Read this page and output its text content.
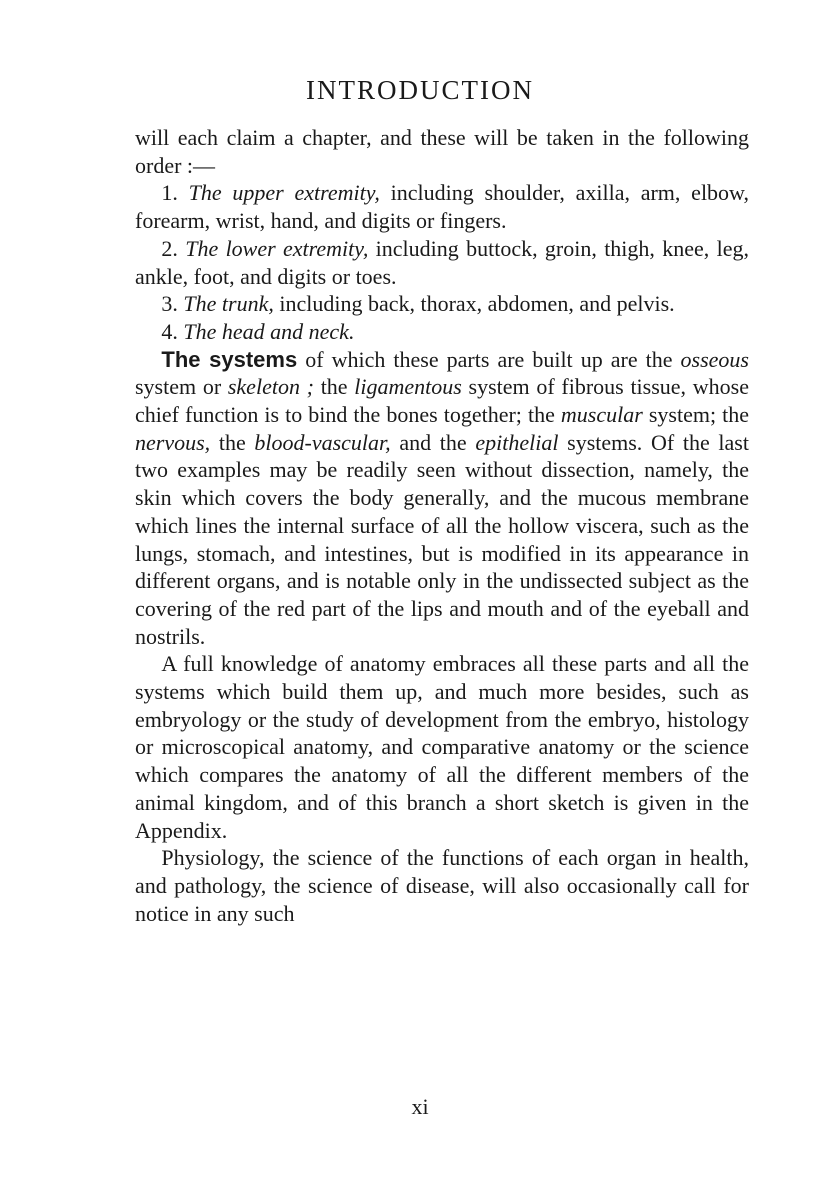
INTRODUCTION

will each claim a chapter, and these will be taken in the following order :—

1. The upper extremity, including shoulder, axilla, arm, elbow, forearm, wrist, hand, and digits or fingers.

2. The lower extremity, including buttock, groin, thigh, knee, leg, ankle, foot, and digits or toes.

3. The trunk, including back, thorax, abdomen, and pelvis.

4. The head and neck.

The systems of which these parts are built up are the osseous system or skeleton ; the ligamentous system of fibrous tissue, whose chief function is to bind the bones together; the muscular system; the nervous, the blood-vascular, and the epithelial systems. Of the last two examples may be readily seen without dissection, namely, the skin which covers the body generally, and the mucous membrane which lines the internal surface of all the hollow viscera, such as the lungs, stomach, and intestines, but is modified in its appearance in different organs, and is notable only in the undissected subject as the covering of the red part of the lips and mouth and of the eyeball and nostrils.

A full knowledge of anatomy embraces all these parts and all the systems which build them up, and much more besides, such as embryology or the study of development from the embryo, histology or microscopical anatomy, and comparative anatomy or the science which compares the anatomy of all the different members of the animal kingdom, and of this branch a short sketch is given in the Appendix.

Physiology, the science of the functions of each organ in health, and pathology, the science of disease, will also occasionally call for notice in any such

xi
